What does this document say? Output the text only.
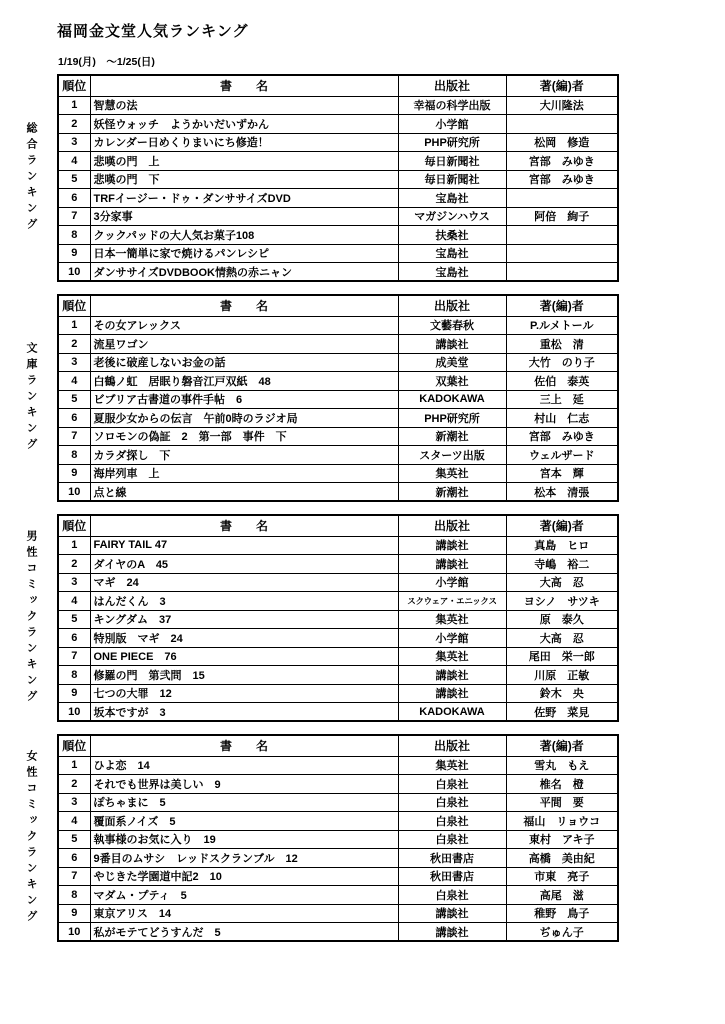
福岡金文堂人気ランキング
1/19(月)　～1/25(日)
総合ランキング
順位	書　　名	出版社	著(編)者
1	智慧の法	幸福の科学出版	大川隆法
2	妖怪ウォッチ　ようかいだいずかん	小学館	
3	カレンダー日めくりまいにち修造！	PHP研究所	松岡　修造
4	悲嘆の門　上	毎日新聞社	宮部　みゆき
5	悲嘆の門　下	毎日新聞社	宮部　みゆき
6	TRFイージー・ドゥ・ダンササイズDVD	宝島社	
7	3分家事	マガジンハウス	阿倍　絢子
8	クックパッドの大人気お菓子108	扶桑社	
9	日本一簡単に家で焼けるパンレシピ	宝島社	
10	ダンササイズDVDBOOK情熱の赤ニャン	宝島社	
文庫ランキング
順位	書　　名	出版社	著(編)者
1	その女アレックス	文藝春秋	P.ルメトール
2	流星ワゴン	講談社	重松　清
3	老後に破産しないお金の話	成美堂	大竹　のり子
4	白鶴ノ虹　居眠り磐音江戸双紙　48	双葉社	佐伯　泰英
5	ビブリア古書道の事件手帖　6	KADOKAWA	三上　延
6	夏服少女からの伝言　午前0時のラジオ局	PHP研究所	村山　仁志
7	ソロモンの偽証　2　第一部　事件　下	新潮社	宮部　みゆき
8	カラダ探し　下	スターツ出版	ウェルザード
9	海岸列車　上	集英社	宮本　輝
10	点と線	新潮社	松本　清張
男性コミックランキング
順位	書　　名	出版社	著(編)者
1	FAIRY TAIL 47	講談社	真島　ヒロ
2	ダイヤのA　45	講談社	寺嶋　裕二
3	マギ　24	小学館	大高　忍
4	はんだくん　3	スクウェア・エニックス	ヨシノ　サツキ
5	キングダム　37	集英社	原　泰久
6	特別版　マギ　24	小学館	大高　忍
7	ONE PIECE　76	集英社	尾田　栄一郎
8	修羅の門　第弐問　15	講談社	川原　正敏
9	七つの大罪　12	講談社	鈴木　央
10	坂本ですが　3	KADOKAWA	佐野　菜見
女性コミックランキング
順位	書　　名	出版社	著(編)者
1	ひよ恋　14	集英社	雪丸　もえ
2	それでも世界は美しい　9	白泉社	椎名　橙
3	ぽちゃまに　5	白泉社	平間　要
4	覆面系ノイズ　5	白泉社	福山　リョウコ
5	執事様のお気に入り　19	白泉社	東村　アキ子
6	9番目のムサシ　レッドスクランブル　12	秋田書店	高橋　美由紀
7	やじきた学園道中記2　10	秋田書店	市東　亮子
8	マダム・プティ　5	白泉社	高尾　滋
9	東京アリス　14	講談社	稚野　鳥子
10	私がモテてどうすんだ　5	講談社	ぢゅん子
